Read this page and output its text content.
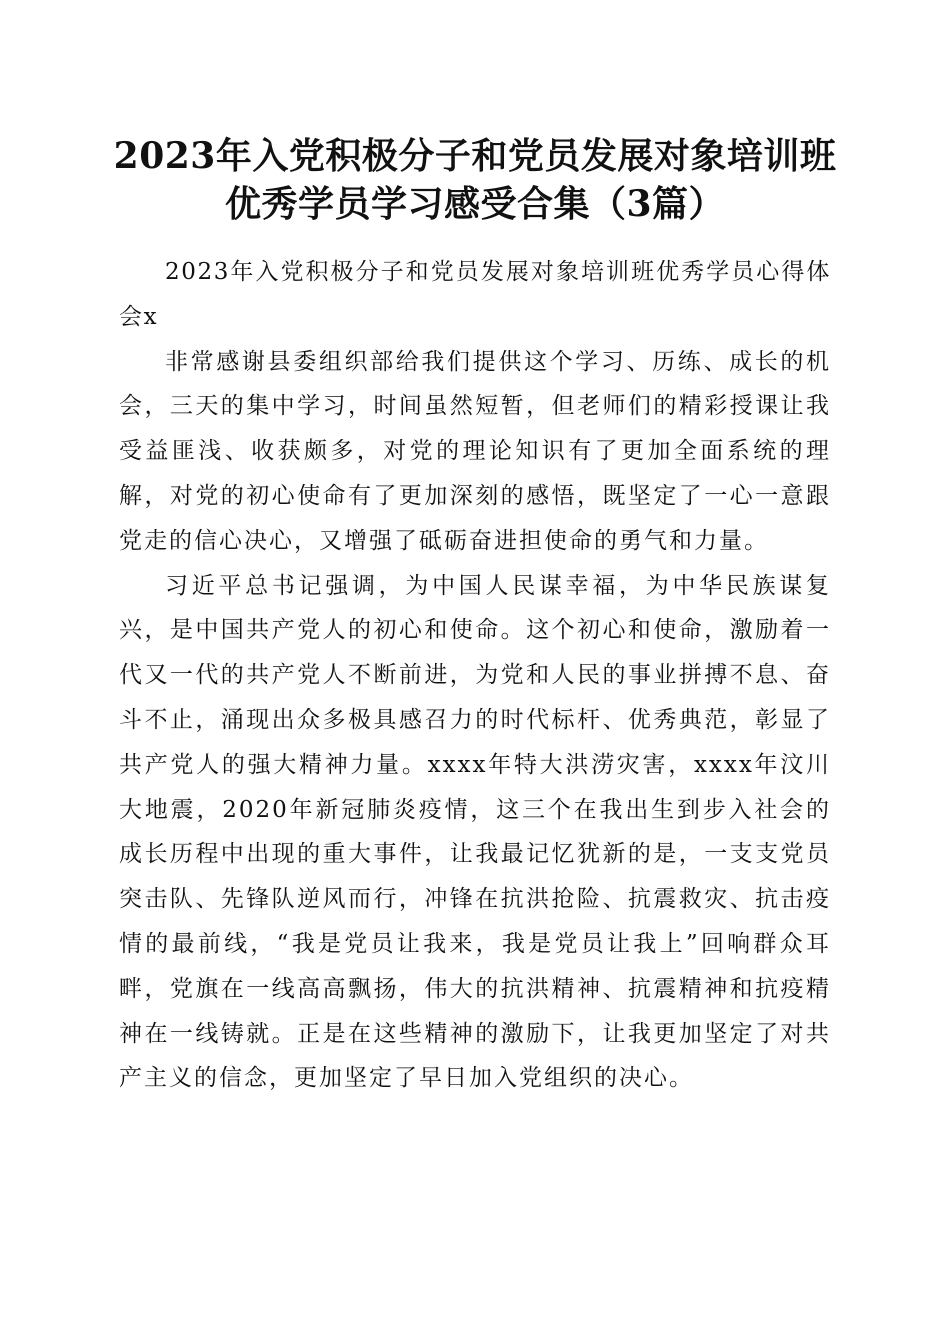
2023年入党积极分子和党员发展对象培训班

优秀学员学习感受合集（3篇）

2023年入党积极分子和党员发展对象培训班优秀学员心得体会x

非常感谢县委组织部给我们提供这个学习、历练、成长的机会，三天的集中学习，时间虽然短暂，但老师们的精彩授课让我受益匪浅、收获颇多，对党的理论知识有了更加全面系统的理解，对党的初心使命有了更加深刻的感悟，既坚定了一心一意跟党走的信心决心，又增强了砥砺奋进担使命的勇气和力量。

习近平总书记强调，为中国人民谋幸福，为中华民族谋复兴，是中国共产党人的初心和使命。这个初心和使命，激励着一代又一代的共产党人不断前进，为党和人民的事业拼搏不息、奋斗不止，涌现出众多极具感召力的时代标杆、优秀典范，彰显了共产党人的强大精神力量。xxxx年特大洪涝灾害，xxxx年汶川大地震，2020年新冠肺炎疫情，这三个在我出生到步入社会的成长历程中出现的重大事件，让我最记忆犹新的是，一支支党员突击队、先锋队逆风而行，冲锋在抗洪抢险、抗震救灾、抗击疫情的最前线，“我是党员让我来，我是党员让我上”回响群众耳畔，党旗在一线高高飘扬，伟大的抗洪精神、抗震精神和抗疫精神在一线铸就。正是在这些精神的激励下，让我更加坚定了对共产主义的信念，更加坚定了早日加入党组织的决心。
